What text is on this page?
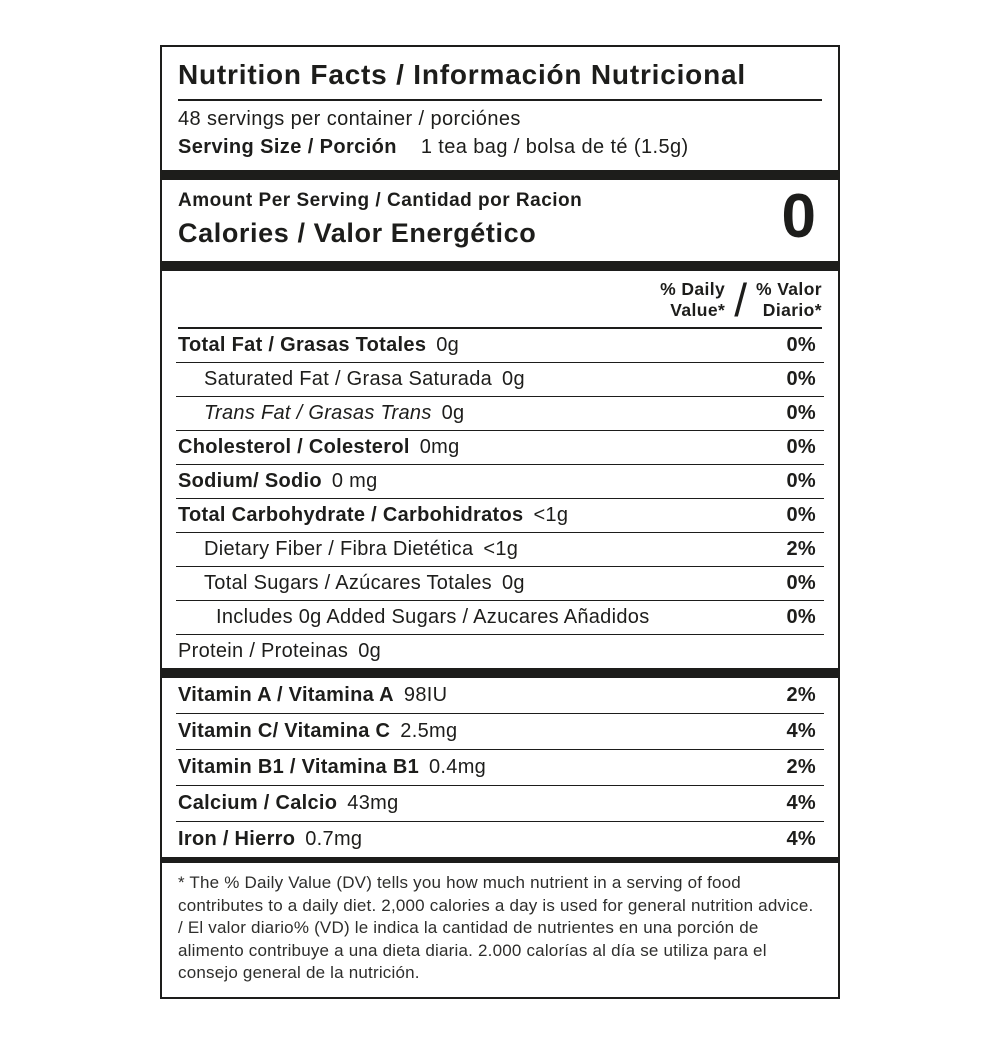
Nutrition Facts / Información Nutricional
48 servings per container / porciónes
Serving Size / Porción 1 tea bag / bolsa de té (1.5g)
Amount Per Serving / Cantidad por Racion
Calories / Valor Energético	0
% Daily
Value* / % Valor
Diario*
Total Fat / Grasas Totales 0g	0%
Saturated Fat / Grasa Saturada 0g	0%
Trans Fat / Grasas Trans 0g	0%
Cholesterol / Colesterol 0mg	0%
Sodium/ Sodio 0 mg	0%
Total Carbohydrate / Carbohidratos <1g	0%
Dietary Fiber / Fibra Dietética <1g	2%
Total Sugars / Azúcares Totales 0g	0%
Includes 0g Added Sugars / Azucares Añadidos	0%
Protein / Proteinas 0g
Vitamin A / Vitamina A 98IU	2%
Vitamin C/ Vitamina C 2.5mg	4%
Vitamin B1 / Vitamina B1 0.4mg	2%
Calcium / Calcio 43mg	4%
Iron / Hierro 0.7mg	4%
* The % Daily Value (DV) tells you how much nutrient in a serving of food contributes to a daily diet. 2,000 calories a day is used for general nutrition advice. / El valor diario% (VD) le indica la cantidad de nutrientes en una porción de alimento contribuye a una dieta diaria. 2.000 calorías al día se utiliza para el consejo general de la nutrición.
